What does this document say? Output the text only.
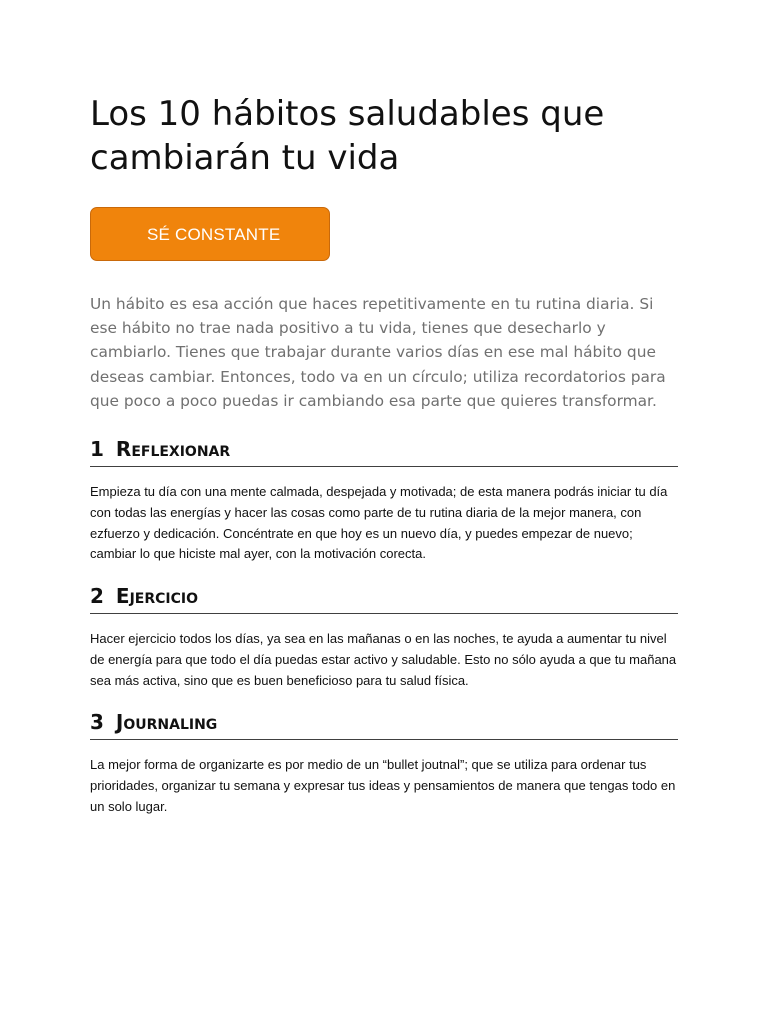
Los 10 hábitos saludables que cambiarán tu vida
SÉ CONSTANTE

Un hábito es esa acción que haces repetitivamente en tu rutina diaria. Si ese hábito no trae nada positivo a tu vida, tienes que desecharlo y cambiarlo. Tienes que trabajar durante varios días en ese mal hábito que deseas cambiar. Entonces, todo va en un círculo; utiliza recordatorios para que poco a poco puedas ir cambiando esa parte que quieres transformar.

1 Reflexionar

Empieza tu día con una mente calmada, despejada y motivada; de esta manera podrás iniciar tu día con todas las energías y hacer las cosas como parte de tu rutina diaria de la mejor manera, con ezfuerzo y dedicación. Concéntrate en que hoy es un nuevo día, y puedes empezar de nuevo; cambiar lo que hiciste mal ayer, con la motivación corecta.

2 Ejercicio

Hacer ejercicio todos los días, ya sea en las mañanas o en las noches, te ayuda a aumentar tu nivel de energía para que todo el día puedas estar activo y saludable. Esto no sólo ayuda a que tu mañana sea más activa, sino que es buen beneficioso para tu salud física.

3 Journaling

La mejor forma de organizarte es por medio de un “bullet joutnal”; que se utiliza para ordenar tus prioridades, organizar tu semana y expresar tus ideas y pensamientos de manera que tengas todo en un solo lugar.
